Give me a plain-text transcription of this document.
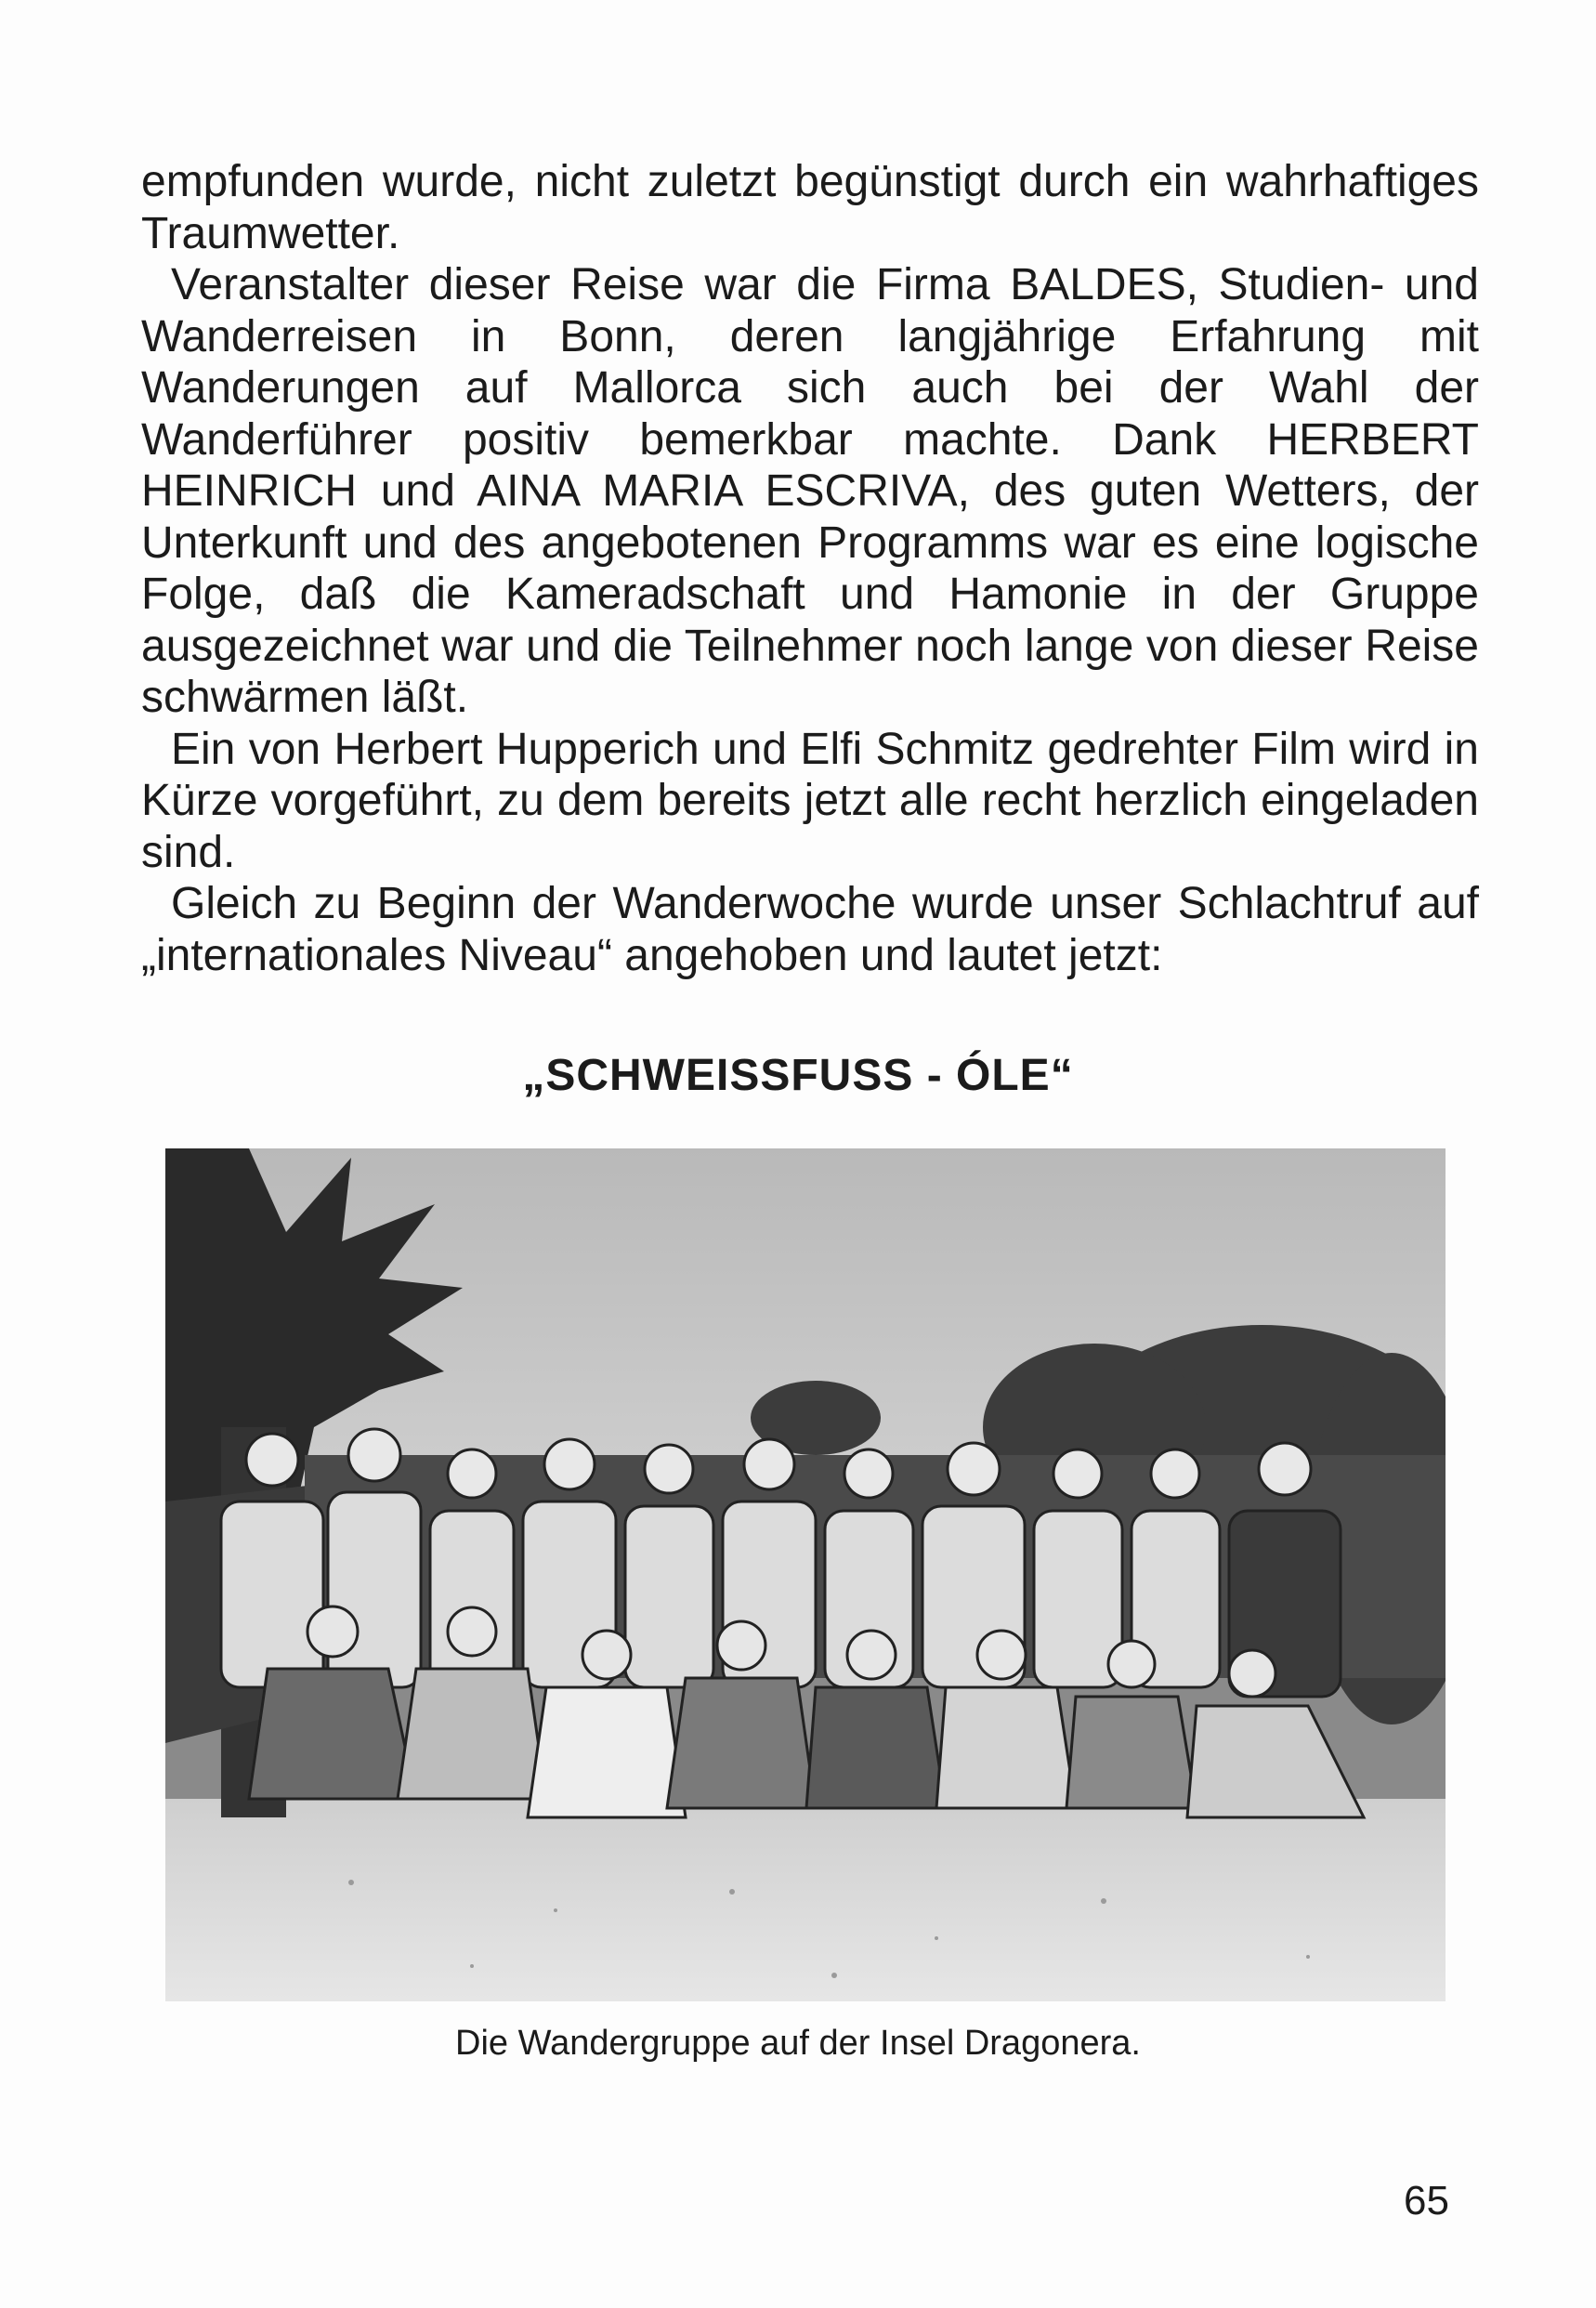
empfunden wurde, nicht zuletzt begünstigt durch ein wahrhaftiges Traumwetter.

Veranstalter dieser Reise war die Firma BALDES, Studien- und Wanderreisen in Bonn, deren langjährige Erfahrung mit Wanderungen auf Mallorca sich auch bei der Wahl der Wanderführer positiv bemerkbar machte. Dank HERBERT HEINRICH und AINA MARIA ESCRIVA, des guten Wetters, der Unterkunft und des angebotenen Programms war es eine logische Folge, daß die Kameradschaft und Hamonie in der Gruppe ausgezeichnet war und die Teilnehmer noch lange von dieser Reise schwärmen läßt.

Ein von Herbert Hupperich und Elfi Schmitz gedrehter Film wird in Kürze vorgeführt, zu dem bereits jetzt alle recht herzlich eingeladen sind.

Gleich zu Beginn der Wanderwoche wurde unser Schlachtruf auf „internationales Niveau“ angehoben und lautet jetzt:

„SCHWEISSFUSS - ÓLE“
Die Wandergruppe auf der Insel Dragonera.
65
